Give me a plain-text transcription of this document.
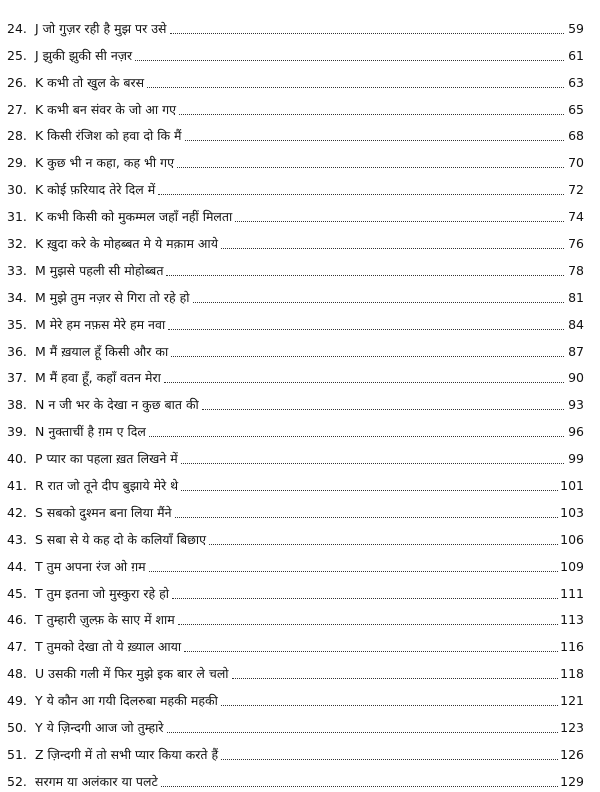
24. J जो गुज़र रही है मुझ पर उसे	59
25. J झुकी झुकी सी नज़र	61
26. K कभी तो खुल के बरस	63
27. K कभी बन संवर के जो आ गए	65
28. K किसी रंजिश को हवा दो कि मैं	68
29. K कुछ भी न कहा, कह भी गए	70
30. K कोई फ़रियाद तेरे दिल में	72
31. K कभी किसी को मुकम्मल जहाँ नहीं मिलता	74
32. K ख़ुदा करे के मोहब्बत मे ये मक़ाम आये	76
33. M मुझसे पहली सी मोहोब्बत	78
34. M मुझे तुम नज़र से गिरा तो रहे हो	81
35. M मेरे हम नफ़स मेरे हम नवा	84
36. M मैं ख़याल हूँ किसी और का	87
37. M मैं हवा हूँ, कहाँ वतन मेरा	90
38. N न जी भर के देखा न कुछ बात की	93
39. N नुक्ताचीं है ग़म ए दिल	96
40. P प्यार का पहला ख़त लिखने में	99
41. R रात जो तूने दीप बुझाये मेरे थे	101
42. S सबको दुश्मन बना लिया मैंने	103
43. S सबा से ये कह दो के कलियाँ बिछाए	106
44. T तुम अपना रंज ओ ग़म	109
45. T तुम इतना जो मुस्कुरा रहे हो	111
46. T तुम्हारी ज़ुल्फ़ के साए में शाम	113
47. T तुमको देखा तो ये ख़्याल आया	116
48. U उसकी गली में फिर मुझे इक बार ले चलो	118
49. Y ये कौन आ गयी दिलरुबा महकी महकी	121
50. Y ये ज़िन्दगी आज जो तुम्हारे	123
51. Z ज़िन्दगी में तो सभी प्यार किया करते हैं	126
52. सरगम या अलंकार या पलटे	129
